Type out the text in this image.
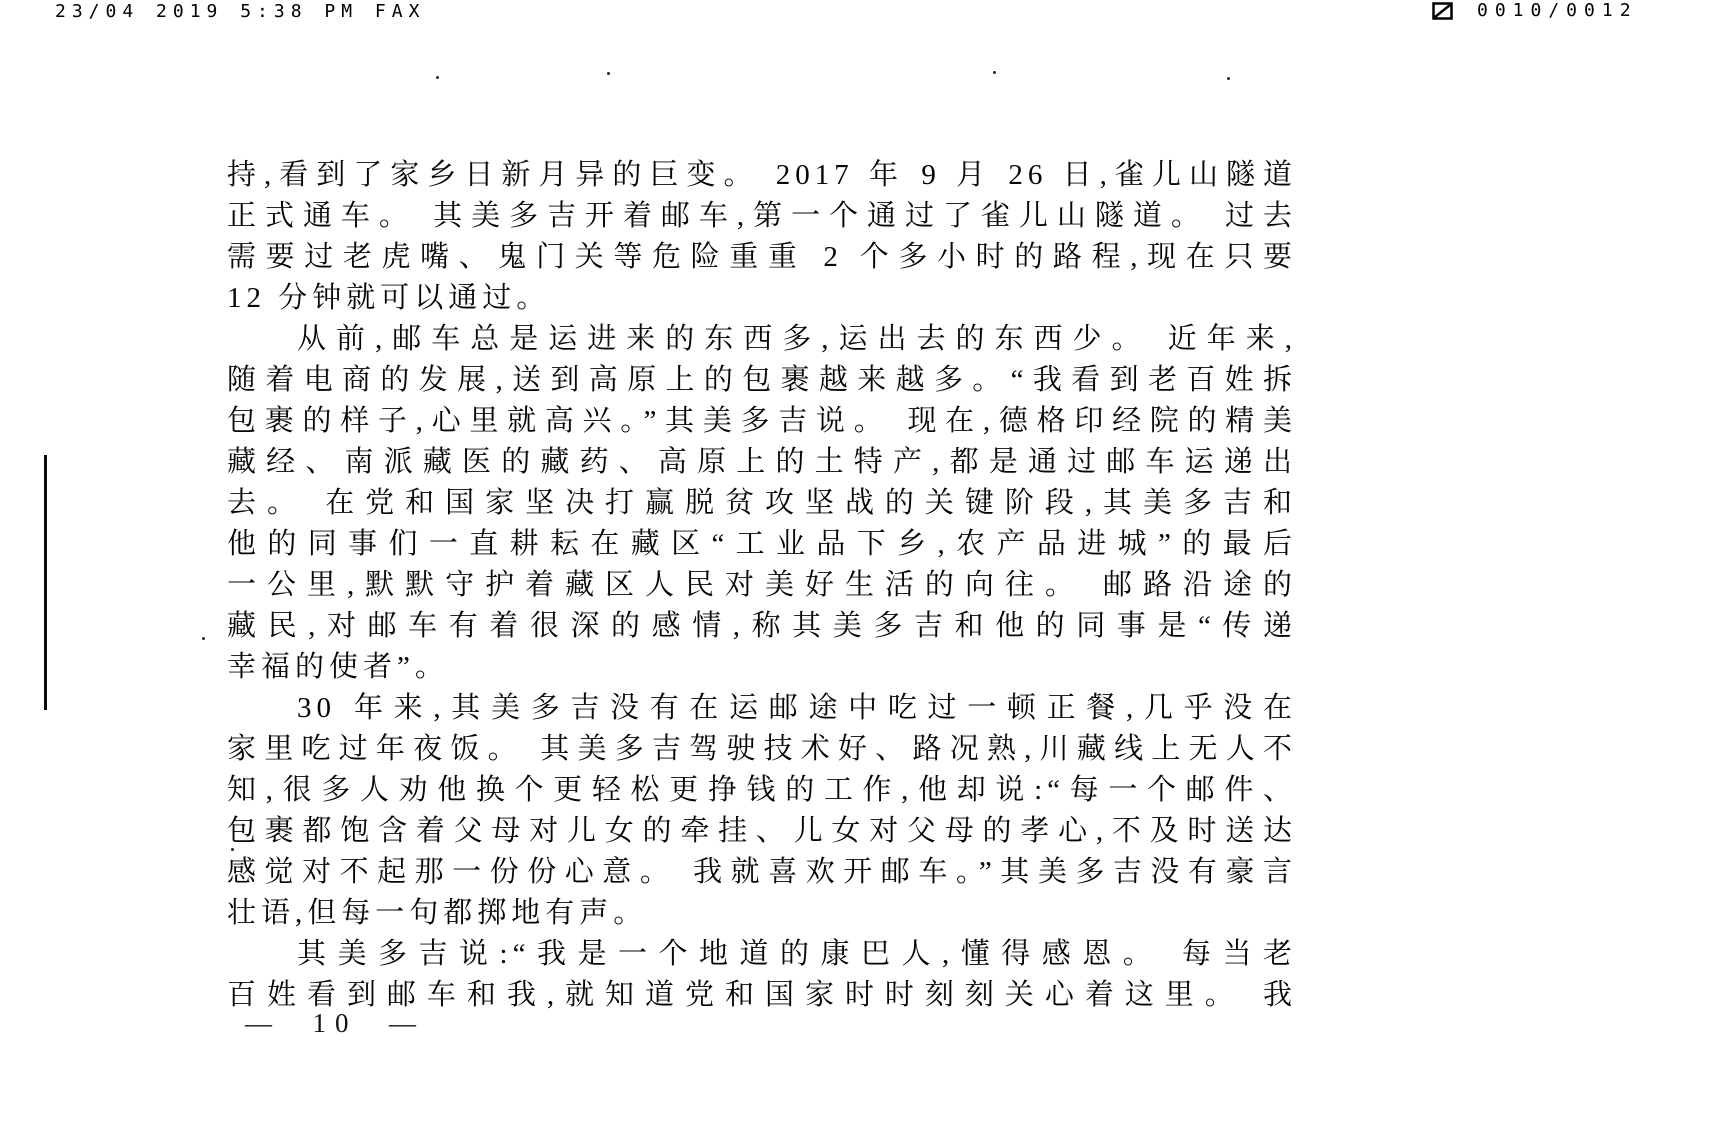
23/04 2019 5:38 PM FAX	0010/0012
持,看到了家乡日新月异的巨变。 2017 年 9 月 26 日,雀儿山隧道
正式通车。 其美多吉开着邮车,第一个通过了雀儿山隧道。 过去
需要过老虎嘴、鬼门关等危险重重 2 个多小时的路程,现在只要
12 分钟就可以通过。
从前,邮车总是运进来的东西多,运出去的东西少。 近年来,
随着电商的发展,送到高原上的包裹越来越多。“我看到老百姓拆
包裹的样子,心里就高兴。”其美多吉说。 现在,德格印经院的精美
藏经、南派藏医的藏药、高原上的土特产,都是通过邮车运递出
去。 在党和国家坚决打赢脱贫攻坚战的关键阶段,其美多吉和
他的同事们一直耕耘在藏区“工业品下乡,农产品进城”的最后
一公里,默默守护着藏区人民对美好生活的向往。 邮路沿途的
藏民,对邮车有着很深的感情,称其美多吉和他的同事是“传递
幸福的使者”。
30 年来,其美多吉没有在运邮途中吃过一顿正餐,几乎没在
家里吃过年夜饭。 其美多吉驾驶技术好、路况熟,川藏线上无人不
知,很多人劝他换个更轻松更挣钱的工作,他却说:“每一个邮件、
包裹都饱含着父母对儿女的牵挂、儿女对父母的孝心,不及时送达
感觉对不起那一份份心意。 我就喜欢开邮车。”其美多吉没有豪言
壮语,但每一句都掷地有声。
其美多吉说:“我是一个地道的康巴人,懂得感恩。 每当老
百姓看到邮车和我,就知道党和国家时时刻刻关心着这里。 我
—  10  —
